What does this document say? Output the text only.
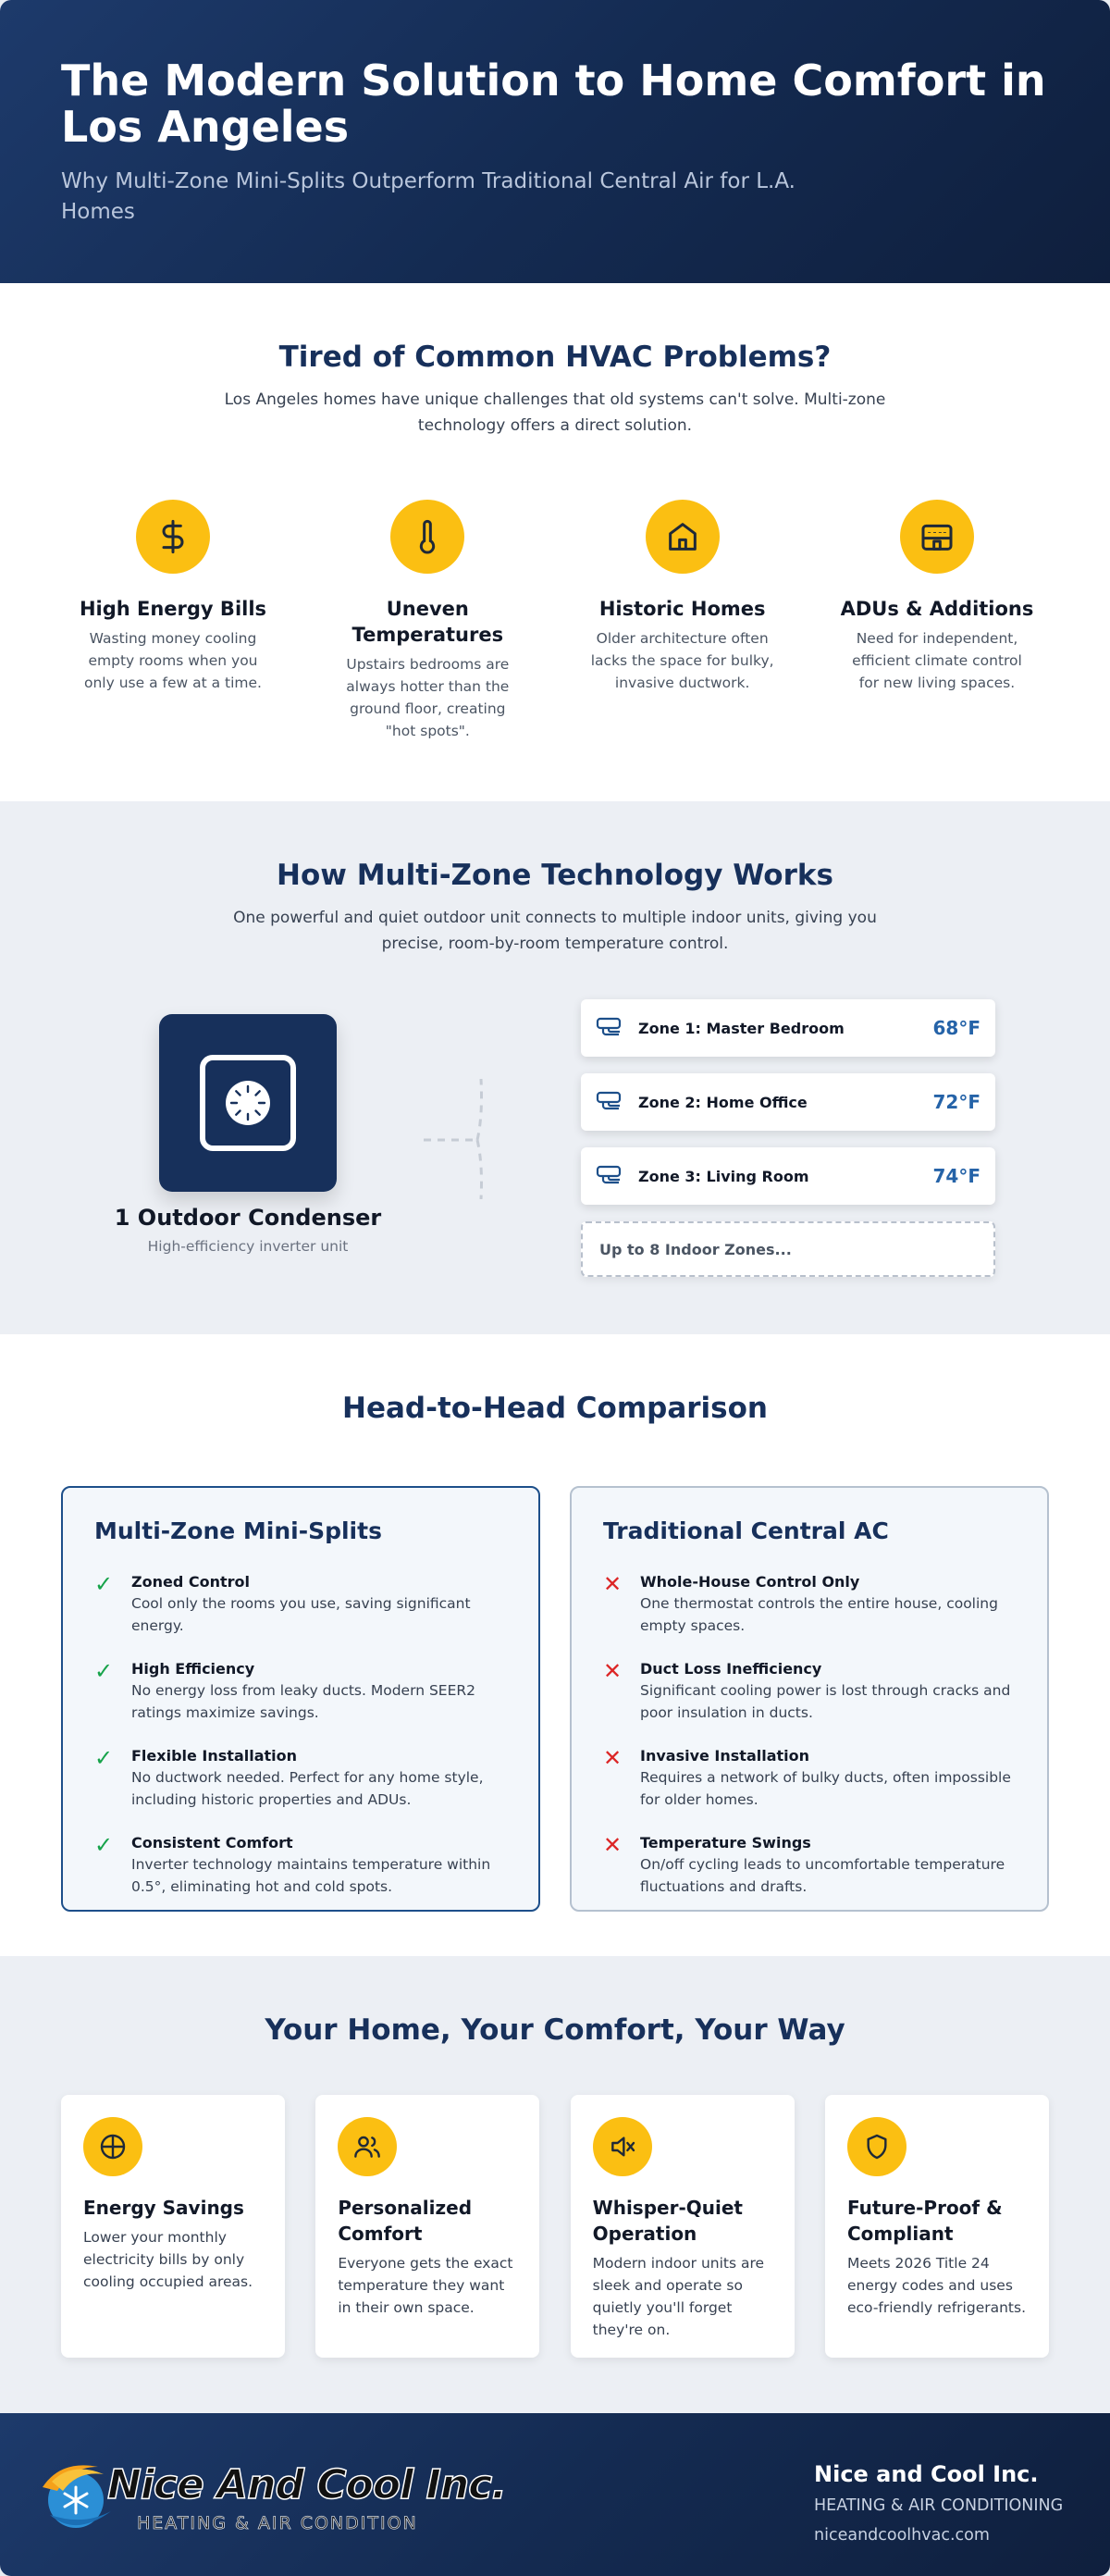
The Modern Solution to Home Comfort in Los Angeles

Why Multi-Zone Mini-Splits Outperform Traditional Central Air for L.A. Homes

Tired of Common HVAC Problems?

Los Angeles homes have unique challenges that old systems can't solve. Multi-zone technology offers a direct solution.

High Energy Bills

Wasting money cooling empty rooms when you only use a few at a time.

Uneven Temperatures

Upstairs bedrooms are always hotter than the ground floor, creating "hot spots".

Historic Homes

Older architecture often lacks the space for bulky, invasive ductwork.

ADUs & Additions

Need for independent, efficient climate control for new living spaces.

How Multi-Zone Technology Works

One powerful and quiet outdoor unit connects to multiple indoor units, giving you precise, room-by-room temperature control.

1 Outdoor Condenser
High-efficiency inverter unit
Zone 1: Master Bedroom	68°F
Zone 2: Home Office	72°F
Zone 3: Living Room	74°F
Up to 8 Indoor Zones...
Head-to-Head Comparison
Multi-Zone Mini-Splits
✓	Zoned Control
Cool only the rooms you use, saving significant energy.
✓	High Efficiency
No energy loss from leaky ducts. Modern SEER2 ratings maximize savings.
✓	Flexible Installation
No ductwork needed. Perfect for any home style, including historic properties and ADUs.
✓	Consistent Comfort
Inverter technology maintains temperature within 0.5°, eliminating hot and cold spots.
Traditional Central AC
✕	Whole-House Control Only
One thermostat controls the entire house, cooling empty spaces.
✕	Duct Loss Inefficiency
Significant cooling power is lost through cracks and poor insulation in ducts.
✕	Invasive Installation
Requires a network of bulky ducts, often impossible for older homes.
✕	Temperature Swings
On/off cycling leads to uncomfortable temperature fluctuations and drafts.
Your Home, Your Comfort, Your Way
Energy Savings

Lower your monthly electricity bills by only cooling occupied areas.

Personalized Comfort

Everyone gets the exact temperature they want in their own space.

Whisper-Quiet Operation

Modern indoor units are sleek and operate so quietly you'll forget they're on.

Future-Proof & Compliant

Meets 2026 Title 24 energy codes and uses eco-friendly refrigerants.

Nice And Cool Inc.
HEATING & AIR CONDITION
Nice and Cool Inc.
HEATING & AIR CONDITIONING
niceandcoolhvac.com
